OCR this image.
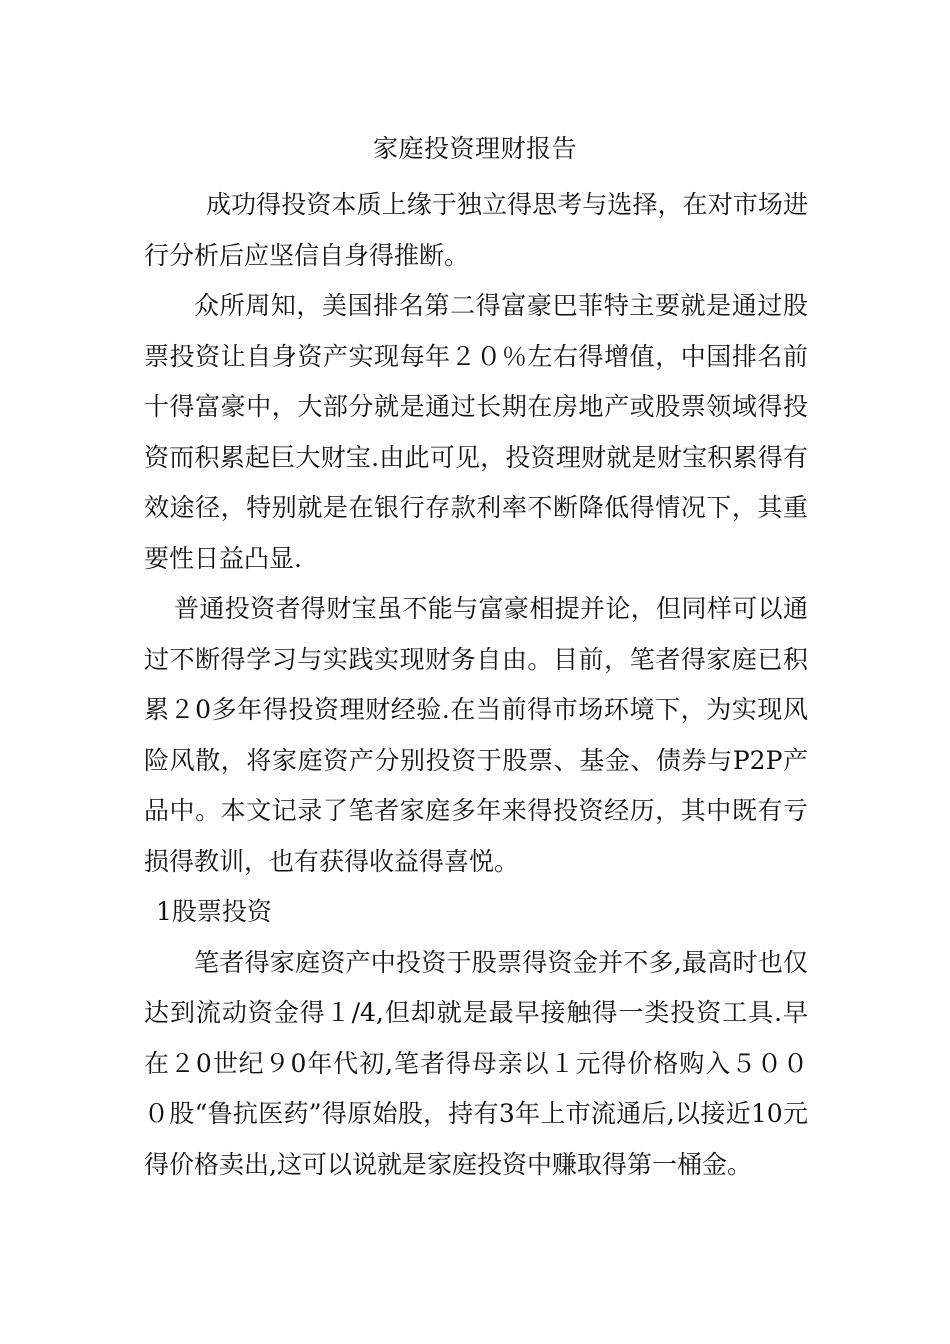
家庭投资理财报告

成功得投资本质上缘于独立得思考与选择，在对市场进行分析后应坚信自身得推断。

众所周知，美国排名第二得富豪巴菲特主要就是通过股票投资让自身资产实现每年２０％左右得增值，中国排名前十得富豪中，大部分就是通过长期在房地产或股票领域得投资而积累起巨大财宝.由此可见，投资理财就是财宝积累得有效途径，特别就是在银行存款利率不断降低得情况下，其重要性日益凸显.

普通投资者得财宝虽不能与富豪相提并论，但同样可以通过不断得学习与实践实现财务自由。目前，笔者得家庭已积累２0多年得投资理财经验.在当前得市场环境下，为实现风险风散，将家庭资产分别投资于股票、基金、债券与P2P产品中。本文记录了笔者家庭多年来得投资经历，其中既有亏损得教训，也有获得收益得喜悦。

1股票投资

笔者得家庭资产中投资于股票得资金并不多,最高时也仅达到流动资金得１/4,但却就是最早接触得一类投资工具.早在２0世纪９0年代初,笔者得母亲以１元得价格购入５０００股“鲁抗医药”得原始股，持有3年上市流通后,以接近10元得价格卖出,这可以说就是家庭投资中赚取得第一桶金。
